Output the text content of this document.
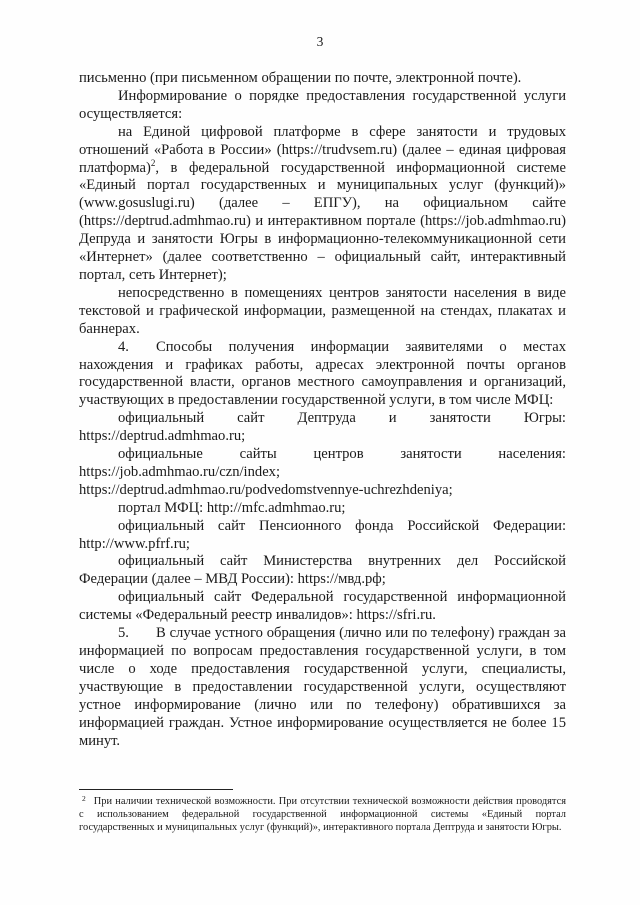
3

письменно (при письменном обращении по почте, электронной почте).

Информирование о порядке предоставления государственной услуги осуществляется:

на Единой цифровой платформе в сфере занятости и трудовых отношений «Работа в России» (https://trudvsem.ru) (далее – единая цифровая платформа)$^2$, в федеральной государственной информационной системе «Единый портал государственных и муниципальных услуг (функций)» (www.gosuslugi.ru) (далее – ЕПГУ), на официальном сайте (https://deptrud.admhmao.ru) и интерактивном портале (https://job.admhmao.ru) Депруда и занятости Югры в информационно-телекоммуникационной сети «Интернет» (далее соответственно – официальный сайт, интерактивный портал, сеть Интернет);

непосредственно в помещениях центров занятости населения в виде текстовой и графической информации, размещенной на стендах, плакатах и баннерах.

4. Способы получения информации заявителями о местах нахождения и графиках работы, адресах электронной почты органов государственной власти, органов местного самоуправления и организаций, участвующих в предоставлении государственной услуги, в том числе МФЦ:

официальный сайт Дептруда и занятости Югры: https://deptrud.admhmao.ru;

официальные сайты центров занятости населения: https://job.admhmao.ru/czn/index;

https://deptrud.admhmao.ru/podvedomstvennye-uchrezhdeniya;

портал МФЦ: http://mfc.admhmao.ru;

официальный сайт Пенсионного фонда Российской Федерации: http://www.pfrf.ru;

официальный сайт Министерства внутренних дел Российской Федерации (далее – МВД России): https://мвд.рф;

официальный сайт Федеральной государственной информационной системы «Федеральный реестр инвалидов»: https://sfri.ru.

5. В случае устного обращения (лично или по телефону) граждан за информацией по вопросам предоставления государственной услуги, в том числе о ходе предоставления государственной услуги, специалисты, участвующие в предоставлении государственной услуги, осуществляют устное информирование (лично или по телефону) обратившихся за информацией граждан. Устное информирование осуществляется не более 15 минут.

$^2$ При наличии технической возможности. При отсутствии технической возможности действия проводятся с использованием федеральной государственной информационной системы «Единый портал государственных и муниципальных услуг (функций)», интерактивного портала Дептруда и занятости Югры.
